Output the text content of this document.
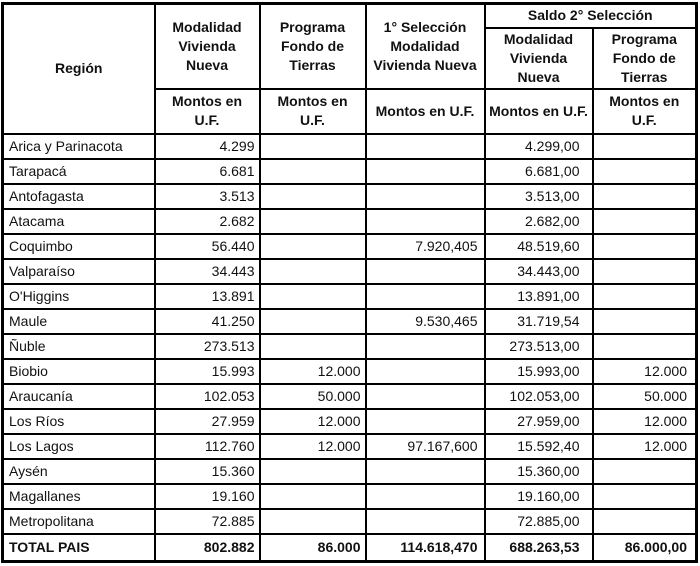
Región	Modalidad Vivienda Nueva	Programa Fondo de Tierras	1° Selección Modalidad Vivienda Nueva	Saldo 2° Selección	
				Modalidad Vivienda Nueva	Programa Fondo de Tierras
	Montos en U.F.	Montos en U.F.	Montos en U.F.	Montos en U.F.	Montos en U.F.
Arica y Parinacota	4.299			4.299,00	
Tarapacá	6.681			6.681,00	
Antofagasta	3.513			3.513,00	
Atacama	2.682			2.682,00	
Coquimbo	56.440		7.920,405	48.519,60	
Valparaíso	34.443			34.443,00	
O'Higgins	13.891			13.891,00	
Maule	41.250		9.530,465	31.719,54	
Ñuble	273.513			273.513,00	
Biobio	15.993	12.000		15.993,00	12.000
Araucanía	102.053	50.000		102.053,00	50.000
Los Ríos	27.959	12.000		27.959,00	12.000
Los Lagos	112.760	12.000	97.167,600	15.592,40	12.000
Aysén	15.360			15.360,00	
Magallanes	19.160			19.160,00	
Metropolitana	72.885			72.885,00	
TOTAL PAIS	802.882	86.000	114.618,470	688.263,53	86.000,00
